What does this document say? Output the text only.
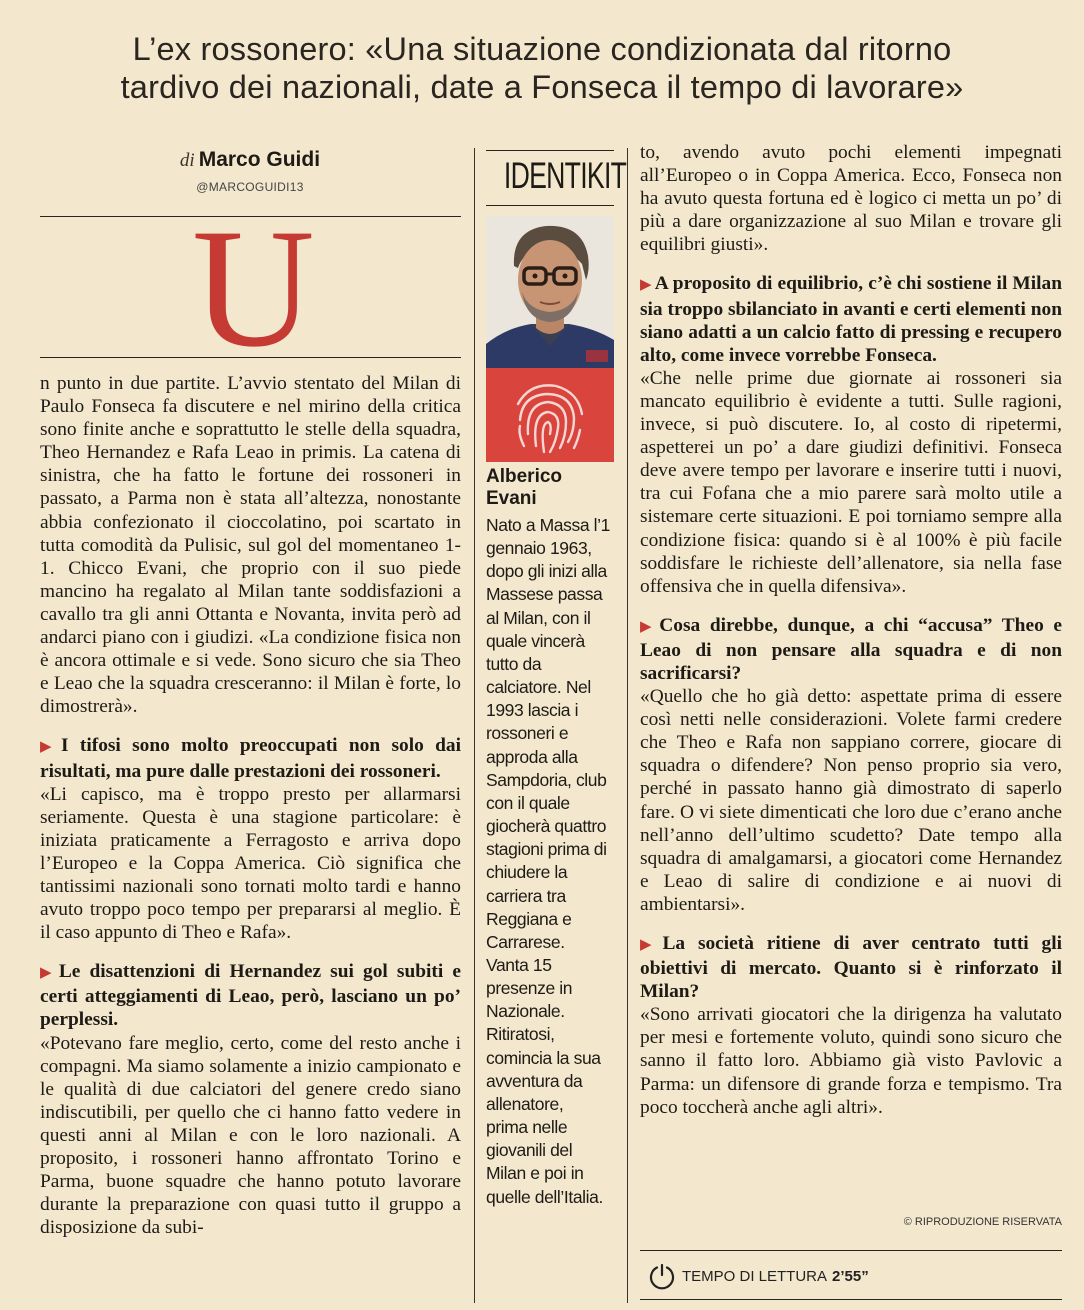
L’ex rossonero: «Una situazione condizionata dal ritorno
tardivo dei nazionali, date a Fonseca il tempo di lavorare»
di Marco Guidi
@MARCOGUIDI13
U

n punto in due partite. L’avvio stentato del Milan di Paulo Fonseca fa discutere e nel mirino della critica sono finite anche e soprattutto le stelle della squadra, Theo Hernandez e Rafa Leao in primis. La catena di sinistra, che ha fatto le fortune dei rossoneri in passato, a Parma non è stata all’altezza, nonostante abbia confezionato il cioccolatino, poi scartato in tutta comodità da Pulisic, sul gol del momentaneo 1-1. Chicco Evani, che proprio con il suo piede mancino ha regalato al Milan tante soddisfazioni a cavallo tra gli anni Ottanta e Novanta, invita però ad andarci piano con i giudizi. «La condizione fisica non è ancora ottimale e si vede. Sono sicuro che sia Theo e Leao che la squadra cresceranno: il Milan è forte, lo dimostrerà».

▶ I tifosi sono molto preoccupati non solo dai risultati, ma pure dalle prestazioni dei rossoneri.

«Li capisco, ma è troppo presto per allarmarsi seriamente. Questa è una stagione particolare: è iniziata praticamente a Ferragosto e arriva dopo l’Europeo e la Coppa America. Ciò significa che tantissimi nazionali sono tornati molto tardi e hanno avuto troppo poco tempo per prepararsi al meglio. È il caso appunto di Theo e Rafa».

▶ Le disattenzioni di Hernandez sui gol subiti e certi atteggiamenti di Leao, però, lasciano un po’ perplessi.

«Potevano fare meglio, certo, come del resto anche i compagni. Ma siamo solamente a inizio campionato e le qualità di due calciatori del genere credo siano indiscutibili, per quello che ci hanno fatto vedere in questi anni al Milan e con le loro nazionali. A proposito, i rossoneri hanno affrontato Torino e Parma, buone squadre che hanno potuto lavorare durante la preparazione con quasi tutto il gruppo a disposizione da subi-

IDENTIKIT
Alberico
Evani
Nato a Massa l’1
gennaio 1963,
dopo gli inizi alla
Massese passa
al Milan, con il
quale vincerà
tutto da
calciatore. Nel
1993 lascia i
rossoneri e
approda alla
Sampdoria, club
con il quale
giocherà quattro
stagioni prima di
chiudere la
carriera tra
Reggiana e
Carrarese.
Vanta 15
presenze in
Nazionale.
Ritiratosi,
comincia la sua
avventura da
allenatore,
prima nelle
giovanili del
Milan e poi in
quelle dell’Italia.

to, avendo avuto pochi elementi impegnati all’Europeo o in Coppa America. Ecco, Fonseca non ha avuto questa fortuna ed è logico ci metta un po’ di più a dare organizzazione al suo Milan e trovare gli equilibri giusti».

▶ A proposito di equilibrio, c’è chi sostiene il Milan sia troppo sbilanciato in avanti e certi elementi non siano adatti a un calcio fatto di pressing e recupero alto, come invece vorrebbe Fonseca.

«Che nelle prime due giornate ai rossoneri sia mancato equilibrio è evidente a tutti. Sulle ragioni, invece, si può discutere. Io, al costo di ripetermi, aspetterei un po’ a dare giudizi definitivi. Fonseca deve avere tempo per lavorare e inserire tutti i nuovi, tra cui Fofana che a mio parere sarà molto utile a sistemare certe situazioni. E poi torniamo sempre alla condizione fisica: quando si è al 100% è più facile soddisfare le richieste dell’allenatore, sia nella fase offensiva che in quella difensiva».

▶ Cosa direbbe, dunque, a chi “accusa” Theo e Leao di non pensare alla squadra e di non sacrificarsi?

«Quello che ho già detto: aspettate prima di essere così netti nelle considerazioni. Volete farmi credere che Theo e Rafa non sappiano correre, giocare di squadra o difendere? Non penso proprio sia vero, perché in passato hanno già dimostrato di saperlo fare. O vi siete dimenticati che loro due c’erano anche nell’anno dell’ultimo scudetto? Date tempo alla squadra di amalgamarsi, a giocatori come Hernandez e Leao di salire di condizione e ai nuovi di ambientarsi».

▶ La società ritiene di aver centrato tutti gli obiettivi di mercato. Quanto si è rinforzato il Milan?

«Sono arrivati giocatori che la dirigenza ha valutato per mesi e fortemente voluto, quindi sono sicuro che sanno il fatto loro. Abbiamo già visto Pavlovic a Parma: un difensore di grande forza e tempismo. Tra poco toccherà anche agli altri».

© RIPRODUZIONE RISERVATA
TEMPO DI LETTURA 2’55”
